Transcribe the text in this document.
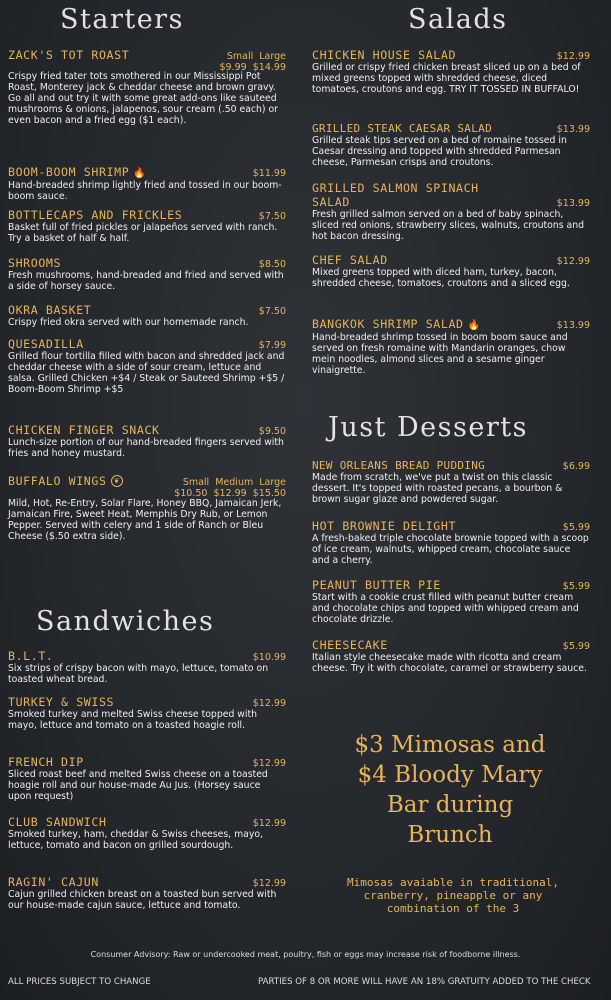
Starters
ZACK'S TOT ROAST	Small  Large
$9.99  $14.99
Crispy fried tater tots smothered in our Mississippi Pot Roast, Monterey jack & cheddar cheese and brown gravy. Go all and out try it with some great add-ons like sauteed mushrooms & onions, jalapenos, sour cream (.50 each) or even bacon and a fried egg ($1 each).
BOOM-BOOM SHRIMP 🔥	$11.99
Hand-breaded shrimp lightly fried and tossed in our boom-boom sauce.
BOTTLECAPS AND FRICKLES	$7.50
Basket full of fried pickles or jalapeños served with ranch. Try a basket of half & half.
SHROOMS	$8.50
Fresh mushrooms, hand-breaded and fried and served with a side of horsey sauce.
OKRA BASKET	$7.50
Crispy fried okra served with our homemade ranch.
QUESADILLA	$7.99
Grilled flour tortilla filled with bacon and shredded jack and cheddar cheese with a side of sour cream, lettuce and salsa. Grilled Chicken +$4 / Steak or Sauteed Shrimp +$5 / Boom-Boom Shrimp +$5
CHICKEN FINGER SNACK	$9.50
Lunch-size portion of our hand-breaded fingers served with fries and honey mustard.
BUFFALO WINGS ❦	Small  Medium  Large
$10.50  $12.99  $15.50
Mild, Hot, Re-Entry, Solar Flare, Honey BBQ, Jamaican Jerk, Jamaican Fire, Sweet Heat, Memphis Dry Rub, or Lemon Pepper. Served with celery and 1 side of Ranch or Bleu Cheese ($.50 extra side).
Sandwiches
B.L.T.	$10.99
Six strips of crispy bacon with mayo, lettuce, tomato on toasted wheat bread.
TURKEY & SWISS	$12.99
Smoked turkey and melted Swiss cheese topped with mayo, lettuce and tomato on a toasted hoagie roll.
FRENCH DIP	$12.99
Sliced roast beef and melted Swiss cheese on a toasted hoagie roll and our house-made Au Jus. (Horsey sauce upon request)
CLUB SANDWICH	$12.99
Smoked turkey, ham, cheddar & Swiss cheeses, mayo, lettuce, tomato and bacon on grilled sourdough.
RAGIN' CAJUN	$12.99
Cajun grilled chicken breast on a toasted bun served with our house-made cajun sauce, lettuce and tomato.
Salads
CHICKEN HOUSE SALAD	$12.99
Grilled or crispy fried chicken breast sliced up on a bed of mixed greens topped with shredded cheese, diced tomatoes, croutons and egg. TRY IT TOSSED IN BUFFALO!
GRILLED STEAK CAESAR SALAD	$13.99
Grilled steak tips served on a bed of romaine tossed in Caesar dressing and topped with shredded Parmesan cheese, Parmesan crisps and croutons.
GRILLED SALMON SPINACH
SALAD	$13.99
Fresh grilled salmon served on a bed of baby spinach, sliced red onions, strawberry slices, walnuts, croutons and hot bacon dressing.
CHEF SALAD	$12.99
Mixed greens topped with diced ham, turkey, bacon, shredded cheese, tomatoes, croutons and a sliced egg.
BANGKOK SHRIMP SALAD 🔥	$13.99
Hand-breaded shrimp tossed in boom boom sauce and served on fresh romaine with Mandarin oranges, chow mein noodles, almond slices and a sesame ginger vinaigrette.
Just Desserts
NEW ORLEANS BREAD PUDDING	$6.99
Made from scratch, we've put a twist on this classic dessert. It's topped with roasted pecans, a bourbon & brown sugar glaze and powdered sugar.
HOT BROWNIE DELIGHT	$5.99
A fresh-baked triple chocolate brownie topped with a scoop of ice cream, walnuts, whipped cream, chocolate sauce and a cherry.
PEANUT BUTTER PIE	$5.99
Start with a cookie crust filled with peanut butter cream and chocolate chips and topped with whipped cream and chocolate drizzle.
CHEESECAKE	$5.99
Italian style cheesecake made with ricotta and cream cheese. Try it with chocolate, caramel or strawberry sauce.
$3 Mimosas and
$4 Bloody Mary
Bar during
Brunch
Mimosas avaiable in traditional,
cranberry, pineapple or any
combination of the 3
Consumer Advisory: Raw or undercooked meat, poultry, fish or eggs may increase risk of foodborne illness.
ALL PRICES SUBJECT TO CHANGE	PARTIES OF 8 OR MORE WILL HAVE AN 18% GRATUITY ADDED TO THE CHECK
